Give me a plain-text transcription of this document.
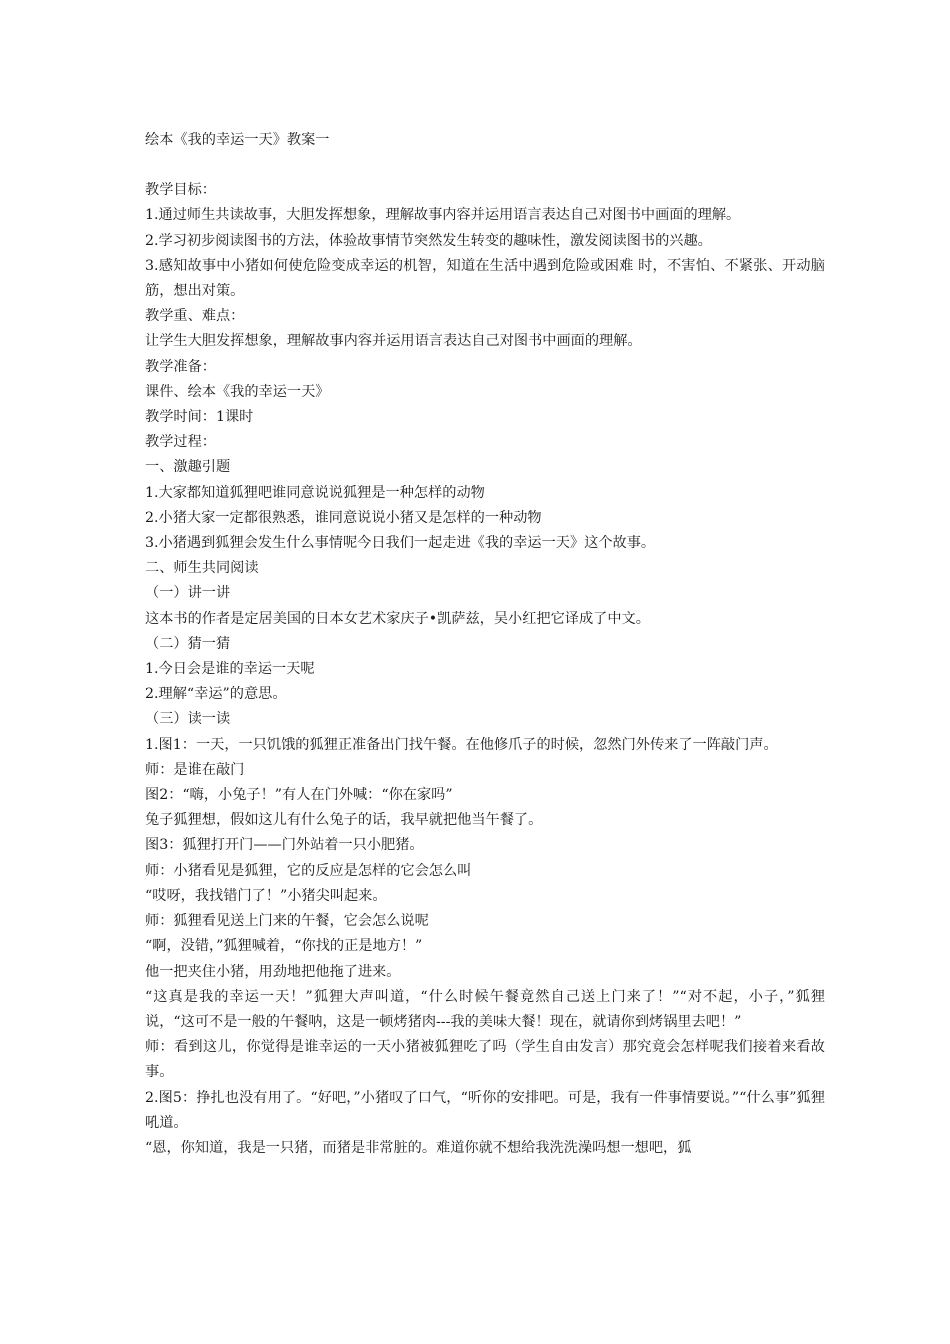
绘本《我的幸运一天》教案一

教学目标：

1.通过师生共读故事，大胆发挥想象，理解故事内容并运用语言表达自己对图书中画面的理解。

2.学习初步阅读图书的方法，体验故事情节突然发生转变的趣味性，激发阅读图书的兴趣。

3.感知故事中小猪如何使危险变成幸运的机智，知道在生活中遇到危险或困难 时，不害怕、不紧张、开动脑筋，想出对策。

教学重、难点：

让学生大胆发挥想象，理解故事内容并运用语言表达自己对图书中画面的理解。

教学准备：

课件、绘本《我的幸运一天》

教学时间：1课时

教学过程：

一、激趣引题

1.大家都知道狐狸吧谁同意说说狐狸是一种怎样的动物

2.小猪大家一定都很熟悉，谁同意说说小猪又是怎样的一种动物

3.小猪遇到狐狸会发生什么事情呢今日我们一起走进《我的幸运一天》这个故事。

二、师生共同阅读

（一）讲一讲

这本书的作者是定居美国的日本女艺术家庆子•凯萨兹，吴小红把它译成了中文。

（二）猜一猜

1.今日会是谁的幸运一天呢

2.理解“幸运”的意思。

（三）读一读

1.图1：一天，一只饥饿的狐狸正准备出门找午餐。在他修爪子的时候，忽然门外传来了一阵敲门声。

师：是谁在敲门

图2：“嗨，小兔子！”有人在门外喊：“你在家吗”

兔子狐狸想，假如这儿有什么兔子的话，我早就把他当午餐了。

图3：狐狸打开门——门外站着一只小肥猪。

师：小猪看见是狐狸，它的反应是怎样的它会怎么叫

“哎呀，我找错门了！”小猪尖叫起来。

师：狐狸看见送上门来的午餐，它会怎么说呢

“啊，没错，”狐狸喊着，“你找的正是地方！”

他一把夹住小猪，用劲地把他拖了进来。

“这真是我的幸运一天！”狐狸大声叫道，“什么时候午餐竟然自己送上门来了！”“对不起，小子，”狐狸说，“这可不是一般的午餐呐，这是一顿烤猪肉---我的美味大餐！现在，就请你到烤锅里去吧！”

师：看到这儿，你觉得是谁幸运的一天小猪被狐狸吃了吗（学生自由发言）那究竟会怎样呢我们接着来看故事。

2.图5：挣扎也没有用了。“好吧，”小猪叹了口气，“听你的安排吧。可是，我有一件事情要说。”“什么事”狐狸吼道。

“恩，你知道，我是一只猪，而猪是非常脏的。难道你就不想给我洗洗澡吗想一想吧，狐
